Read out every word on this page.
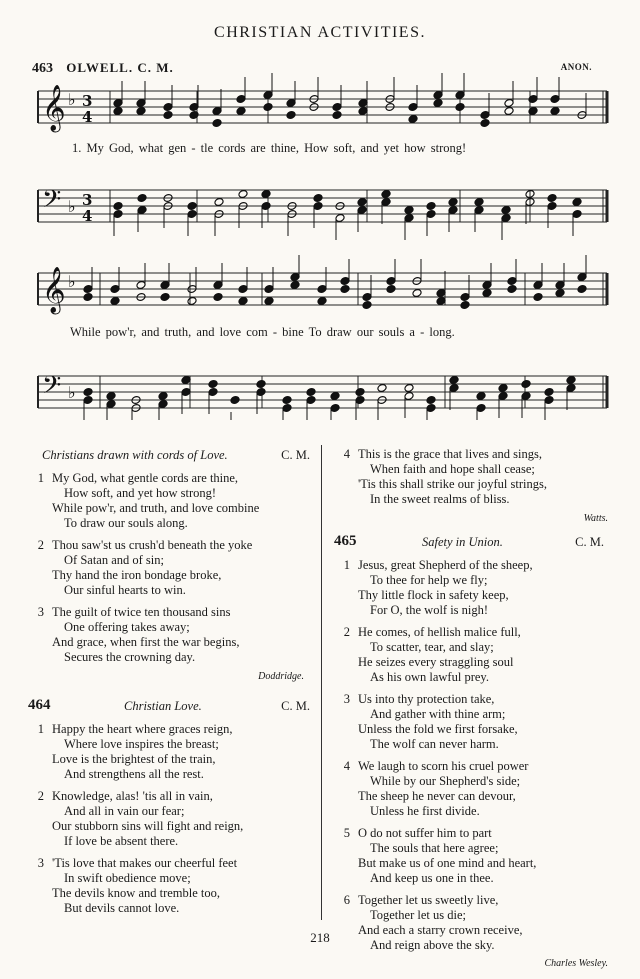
CHRISTIAN ACTIVITIES.
463 OLWELL. C. M.	ANON.
𝄞 ♭ 3
4
𝄢 ♭ 3
4
𝄞 ♭
𝄢 ♭
1. My God, what gen - tle cords are thine, How soft, and yet how strong!
While pow'r, and truth, and love com - bine To draw our souls a - long.
Christians drawn with cords of Love.	C. M.
1 My God, what gentle cords are thine,
How soft, and yet how strong!
While pow'r, and truth, and love combine
To draw our souls along.
2 Thou saw'st us crush'd beneath the yoke
Of Satan and of sin;
Thy hand the iron bondage broke,
Our sinful hearts to win.
3 The guilt of twice ten thousand sins
One offering takes away;
And grace, when first the war begins,
Secures the crowning day.
Doddridge.
464	Christian Love.	C. M.
1 Happy the heart where graces reign,
Where love inspires the breast;
Love is the brightest of the train,
And strengthens all the rest.
2 Knowledge, alas! 'tis all in vain,
And all in vain our fear;
Our stubborn sins will fight and reign,
If love be absent there.
3 'Tis love that makes our cheerful feet
In swift obedience move;
The devils know and tremble too,
But devils cannot love.
4 This is the grace that lives and sings,
When faith and hope shall cease;
'Tis this shall strike our joyful strings,
In the sweet realms of bliss.
Watts.
465	Safety in Union.	C. M.
1 Jesus, great Shepherd of the sheep,
To thee for help we fly;
Thy little flock in safety keep,
For O, the wolf is nigh!
2 He comes, of hellish malice full,
To scatter, tear, and slay;
He seizes every straggling soul
As his own lawful prey.
3 Us into thy protection take,
And gather with thine arm;
Unless the fold we first forsake,
The wolf can never harm.
4 We laugh to scorn his cruel power
While by our Shepherd's side;
The sheep he never can devour,
Unless he first divide.
5 O do not suffer him to part
The souls that here agree;
But make us of one mind and heart,
And keep us one in thee.
6 Together let us sweetly live,
Together let us die;
And each a starry crown receive,
And reign above the sky.
Charles Wesley.
218
